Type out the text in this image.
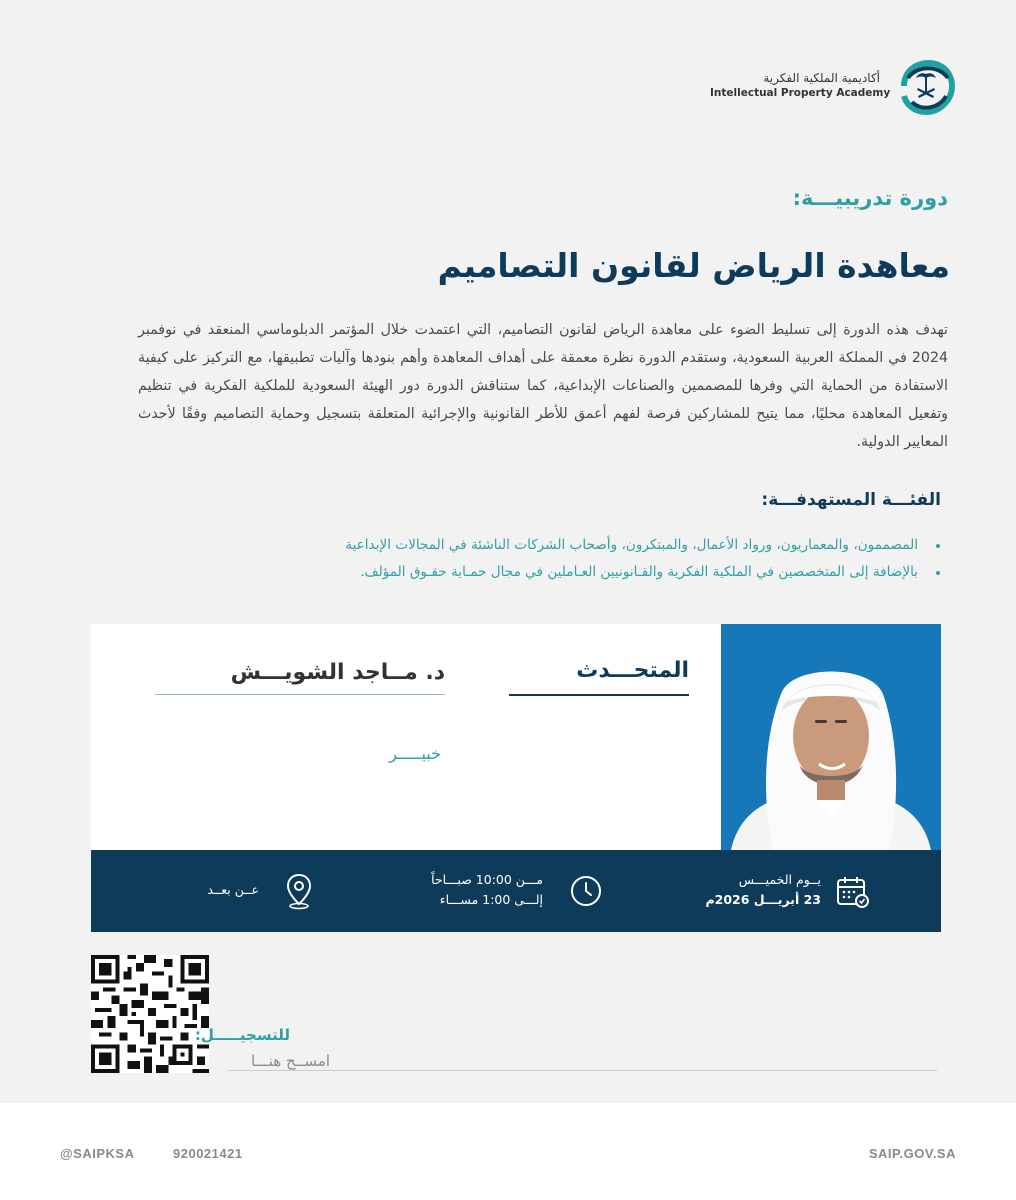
أكاديمية الملكية الفكرية
Intellectual Property Academy
دورة تدريبيـــة:
معاهدة الرياض لقانون التصاميم
تهدف هذه الدورة إلى تسليط الضوء على معاهدة الرياض لقانون التصاميم، التي اعتمدت خلال المؤتمر الدبلوماسي المنعقد في نوفمبر 2024 في المملكة العربية السعودية، وستقدم الدورة نظرة معمقة على أهداف المعاهدة وأهم بنودها وآليات تطبيقها، مع التركيز على كيفية الاستفادة من الحماية التي وفرها للمصممين والصناعات الإبداعية، كما ستناقش الدورة دور الهيئة السعودية للملكية الفكرية في تنظيم وتفعيل المعاهدة محليًا، مما يتيح للمشاركين فرصة لفهم أعمق للأطر القانونية والإجرائية المتعلقة بتسجيل وحماية التصاميم وفقًا لأحدث المعايير الدولية.
الفئـــة المستهدفـــة:
المصممون، والمعماريون، ورواد الأعمال، والمبتكرون، وأصحاب الشركات الناشئة في المجالات الإبداعية
بالإضافة إلى المتخصصين في الملكية الفكرية والقـانونيين العـاملين في مجال حمـاية حقـوق المؤلف.
المتحـــدث
د. مــاجد الشويـــش
خبيـــــر
يــوم الخميـــس
23 أبريـــل 2026م
مـــن 10:00 صبـــاحاً
إلـــى 1:00 مســـاء
عــن بعــد
للتسجيـــــل:
امســح هنـــا
@SAIPKSA	920021421	SAIP.GOV.SA
